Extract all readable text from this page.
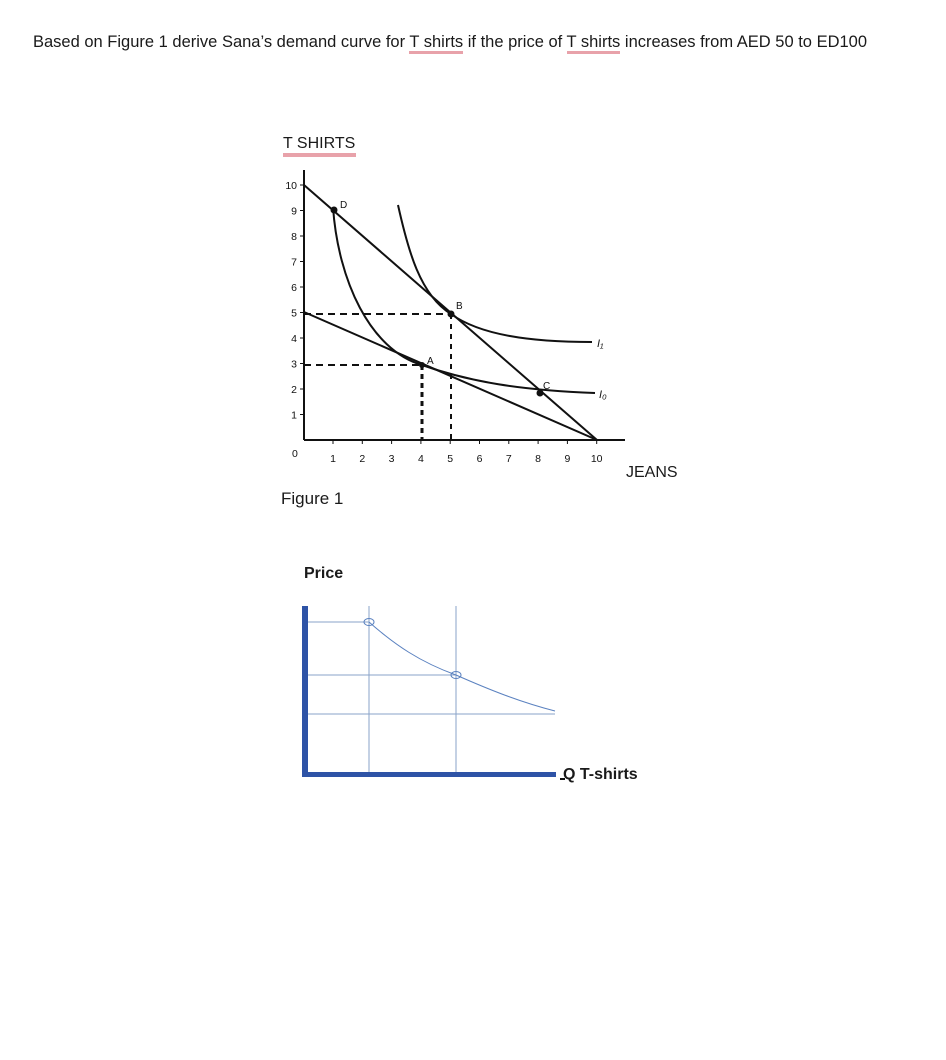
Based on Figure 1 derive Sana’s demand curve for T shirts if the price of T shirts increases from AED 50 to ED100
T SHIRTS
10
9
8
7
6
5
4
3
2
1
1 2 3 4 5 6 7 8 9 10
0
D
B
A
C
I₁
I₀
JEANS
Figure 1
Price
Q T-shirts
